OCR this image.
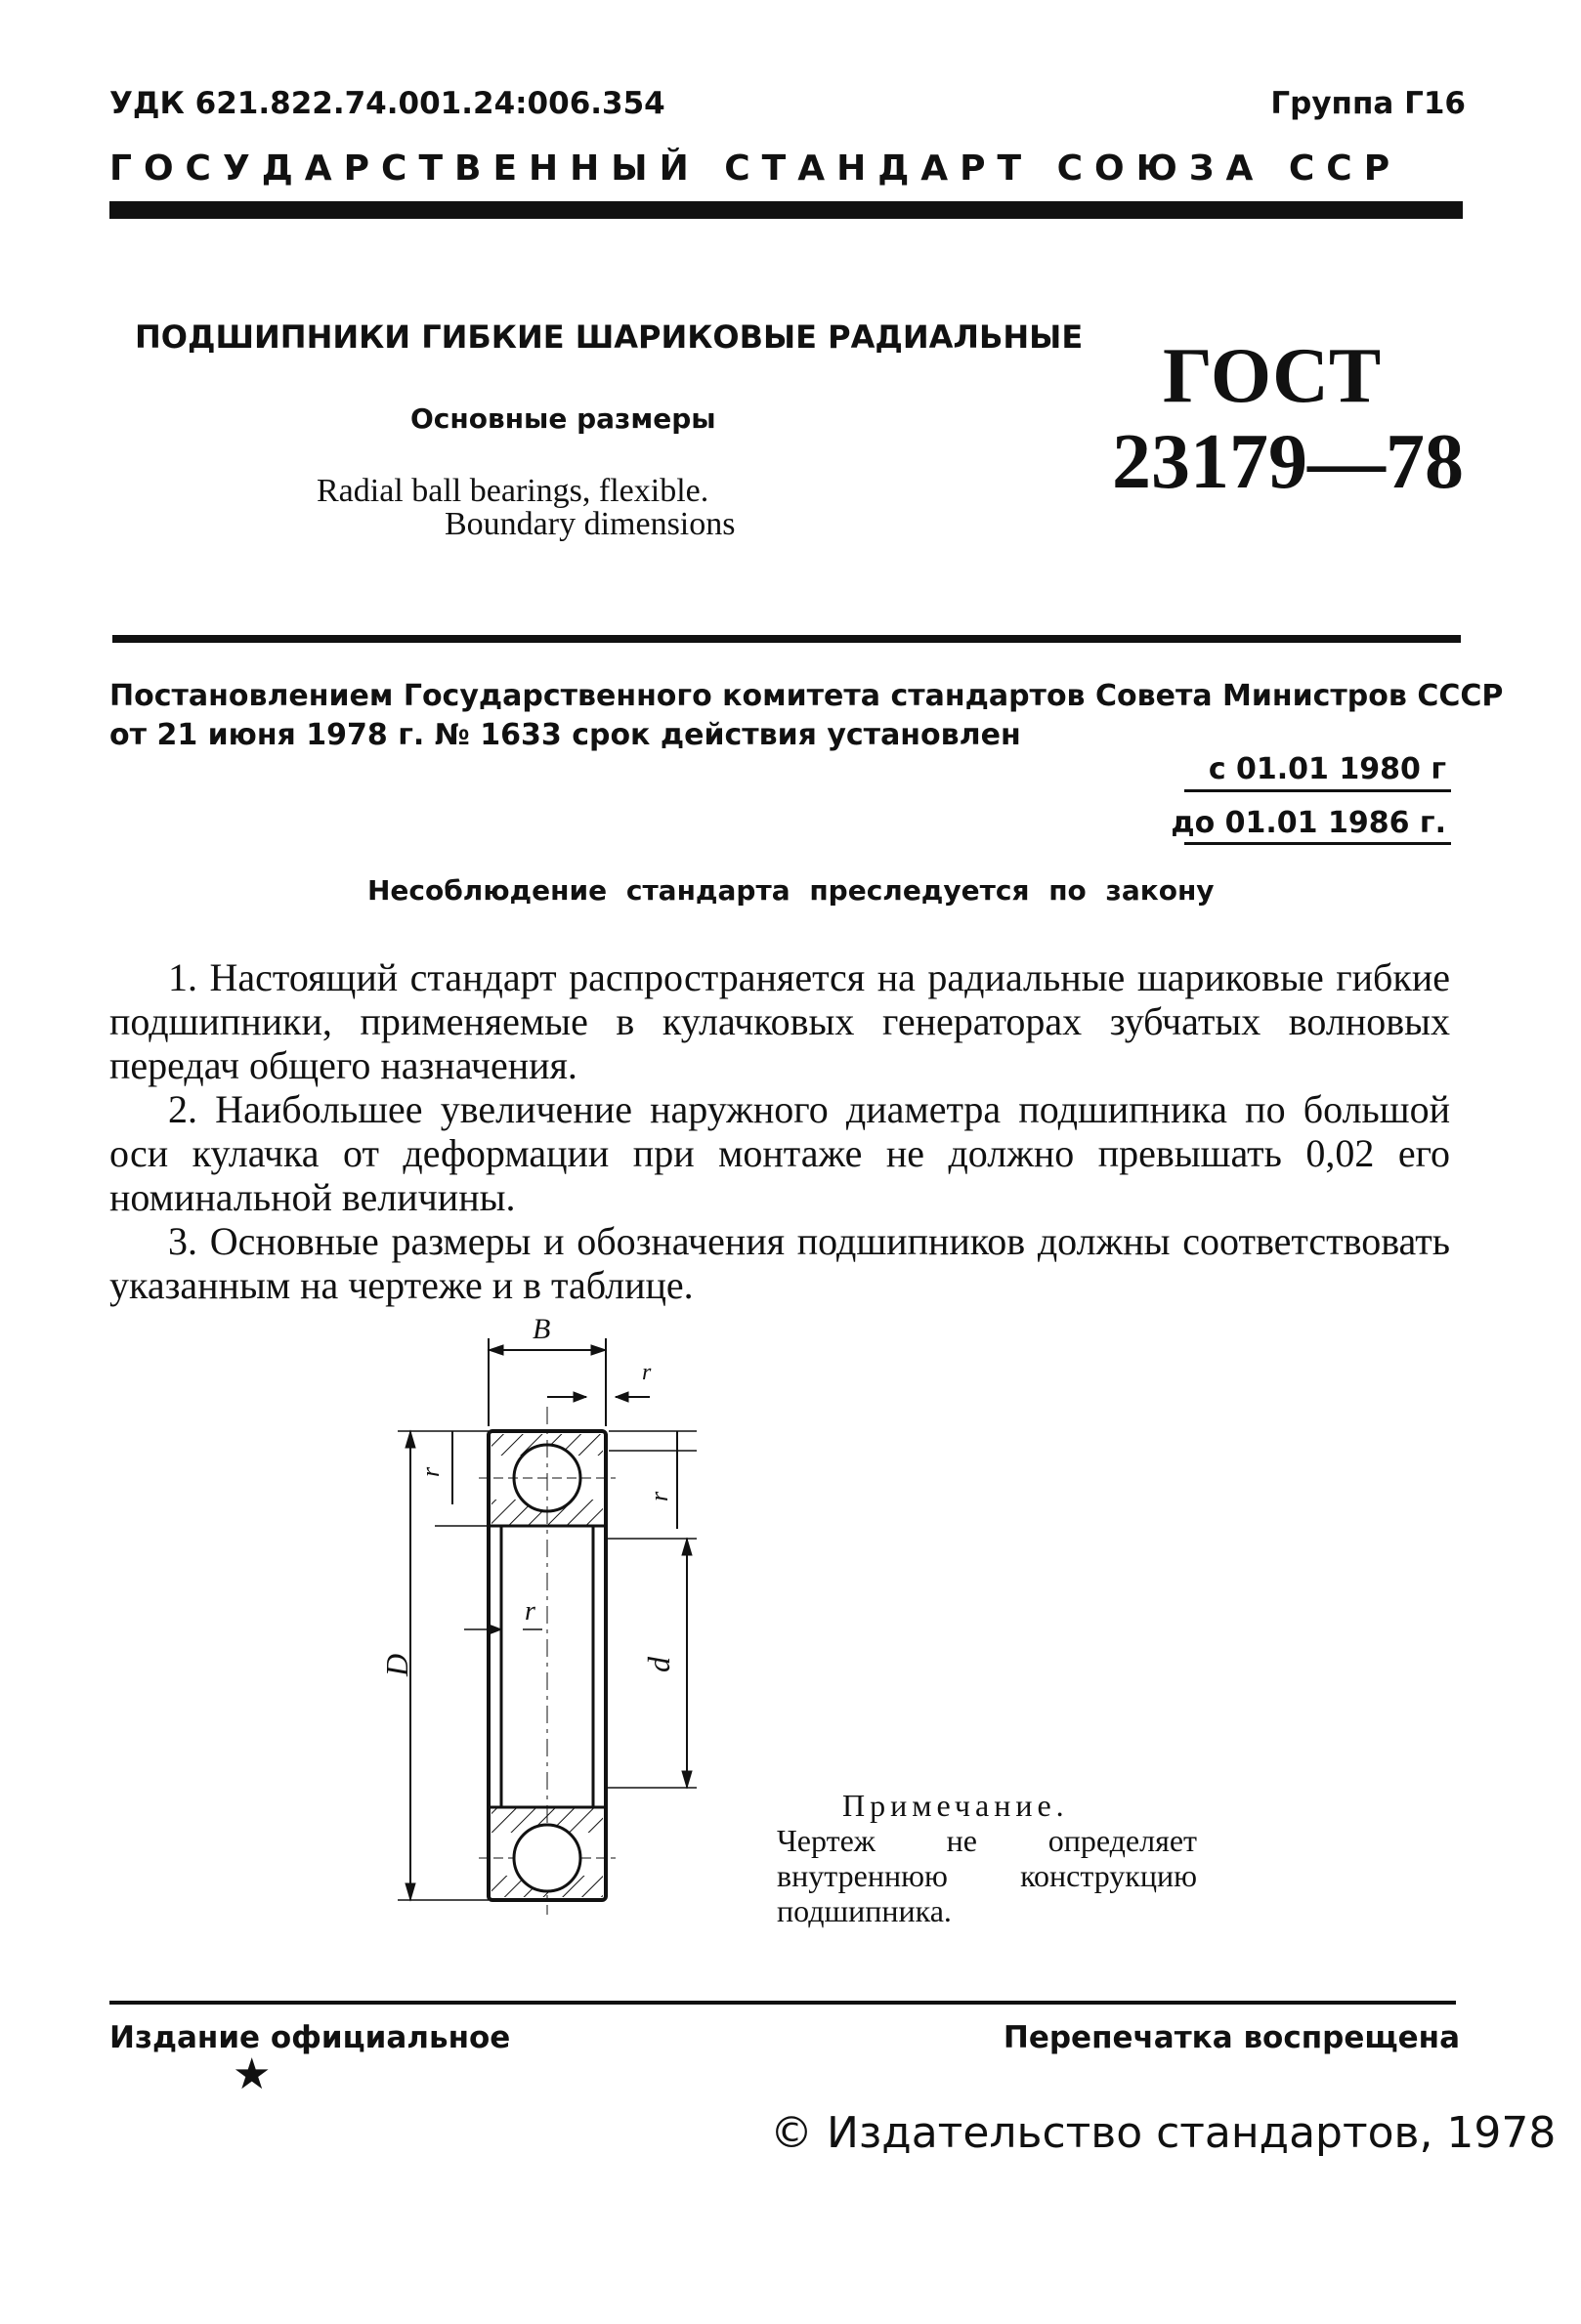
УДК 621.822.74.001.24:006.354	Группа Г16
ГОСУДАРСТВЕННЫЙ СТАНДАРТ СОЮЗА ССР
ПОДШИПНИКИ ГИБКИЕ ШАРИКОВЫЕ РАДИАЛЬНЫЕ
Основные размеры
Radial ball bearings, flexible.
Boundary dimensions
ГОСТ
23179—78
Постановлением Государственного комитета стандартов Совета Министров СССР
от 21 июня 1978 г. № 1633 срок действия установлен
с 01.01 1980 г
до 01.01 1986 г.
Несоблюдение стандарта преследуется по закону

1. Настоящий стандарт распространяется на радиальные шариковые гибкие подшипники, применяемые в кулачковых генераторах зубчатых волновых передач общего назначения.

2. Наибольшее увеличение наружного диаметра подшипника по большой оси кулачка от деформации при монтаже не должно превышать 0,02 его номинальной величины.

3. Основные размеры и обозначения подшипников должны соответствовать указанным на чертеже и в таблице.

B
D	d
r
r
r
r
Примечание.

Чертеж не определяет внутреннюю конструкцию подшипника.

Издание официальное	Перепечатка воспрещена
★
© Издательство стандартов, 1978
